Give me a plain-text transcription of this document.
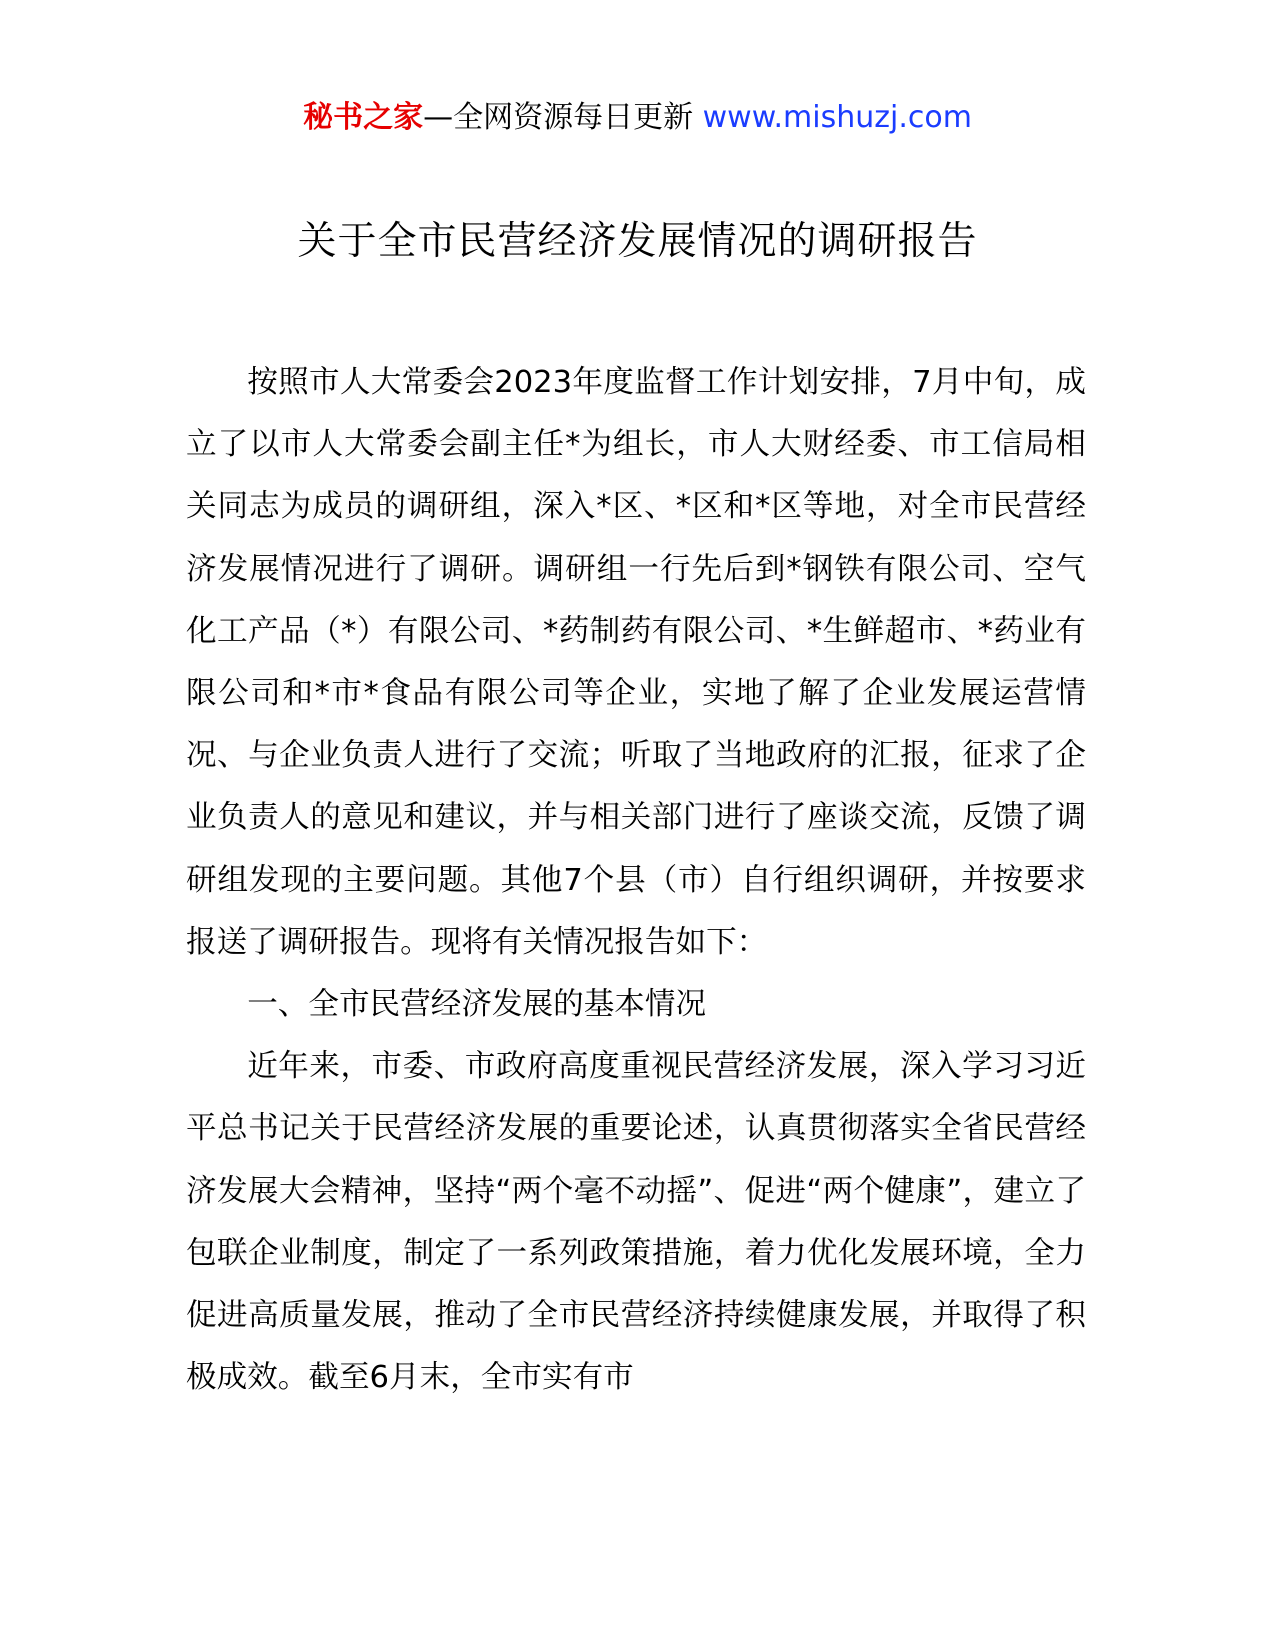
秘书之家—全网资源每日更新 www.mishuzj.com
关于全市民营经济发展情况的调研报告

按照市人大常委会2023年度监督工作计划安排，7月中旬，成立了以市人大常委会副主任*为组长，市人大财经委、市工信局相关同志为成员的调研组，深入*区、*区和*区等地，对全市民营经济发展情况进行了调研。调研组一行先后到*钢铁有限公司、空气化工产品（*）有限公司、*药制药有限公司、*生鲜超市、*药业有限公司和*市*食品有限公司等企业，实地了解了企业发展运营情况、与企业负责人进行了交流；听取了当地政府的汇报，征求了企业负责人的意见和建议，并与相关部门进行了座谈交流，反馈了调研组发现的主要问题。其他7个县（市）自行组织调研，并按要求报送了调研报告。现将有关情况报告如下：

一、全市民营经济发展的基本情况

近年来，市委、市政府高度重视民营经济发展，深入学习习近平总书记关于民营经济发展的重要论述，认真贯彻落实全省民营经济发展大会精神，坚持“两个毫不动摇”、促进“两个健康”，建立了包联企业制度，制定了一系列政策措施，着力优化发展环境，全力促进高质量发展，推动了全市民营经济持续健康发展，并取得了积极成效。截至6月末，全市实有市
